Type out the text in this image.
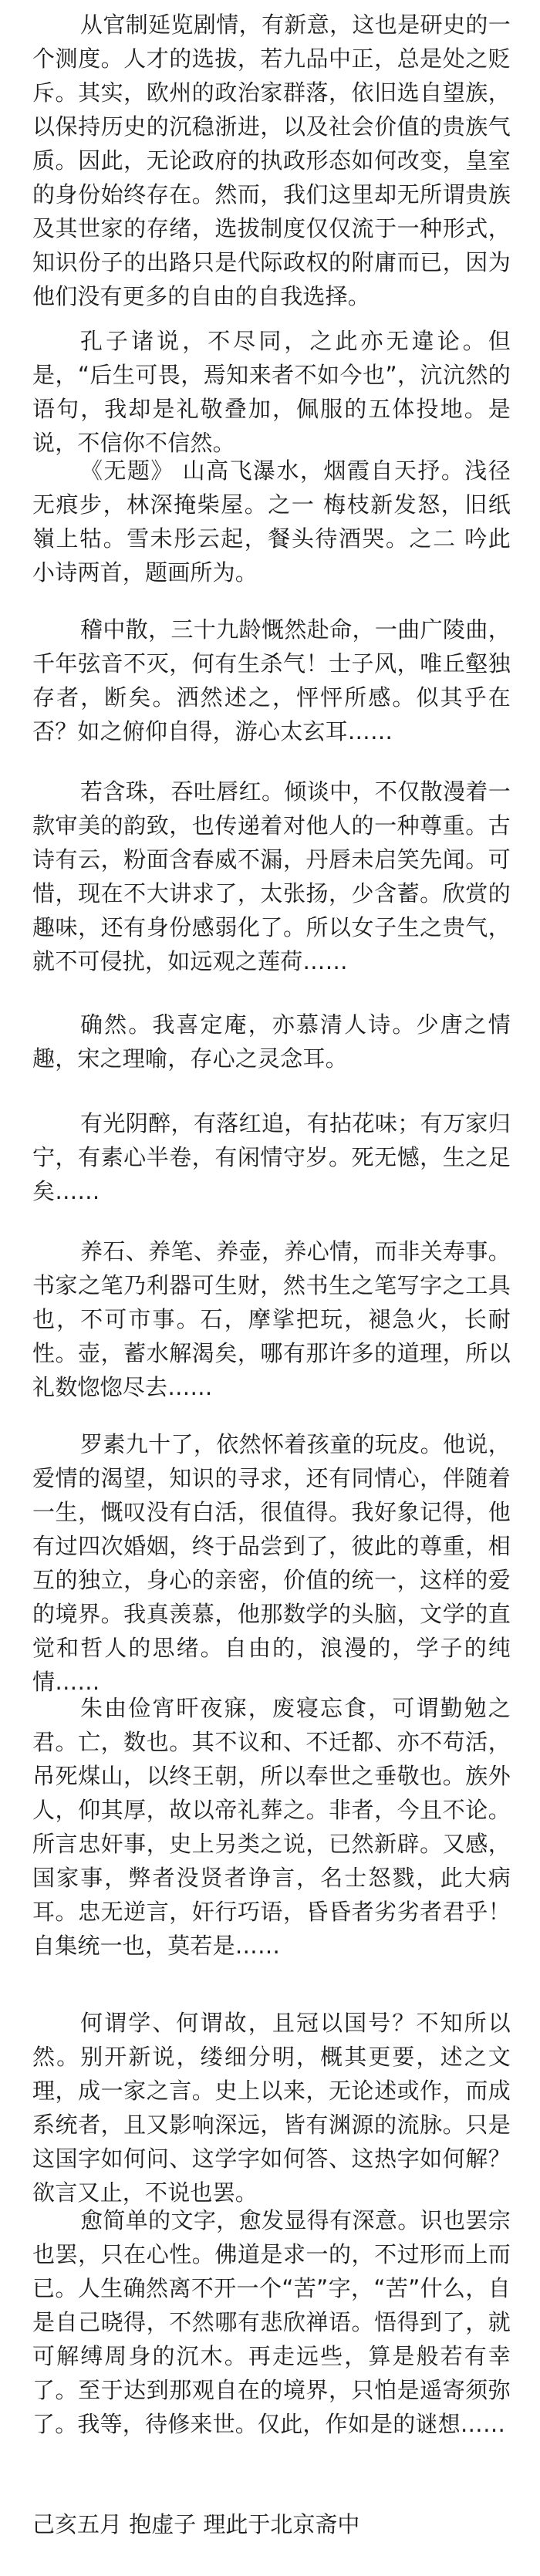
从官制延览剧情，有新意，这也是研史的一个测度。人才的选拔，若九品中正，总是处之贬斥。其实，欧州的政治家群落，依旧选自望族，以保持历史的沉稳浙进，以及社会价值的贵族气质。因此，无论政府的执政形态如何改变，皇室的身份始终存在。然而，我们这里却无所谓贵族及其世家的存绪，选拔制度仅仅流于一种形式，知识份子的出路只是代际政权的附庸而已，因为他们没有更多的自由的自我选择。

孔子诸说，不尽同，之此亦无違论。但是，“后生可畏，焉知来者不如今也”，沆沆然的语句，我却是礼敬叠加，佩服的五体投地。是说，不信你不信然。

《无题》 山高飞瀑水，烟霞自天抒。浅径无痕步，林深掩柴屋。之一 梅枝新发怒，旧纸嶺上牯。雪未彤云起，餐头待酒哭。之二 吟此小诗两首，题画所为。

稽中散，三十九龄慨然赴命，一曲广陵曲，千年弦音不灭，何有生杀气！士子风，唯丘壑独存者，断矣。洒然述之，怦怦所感。似其乎在否？如之俯仰自得，游心太玄耳……

若含珠，吞吐唇红。倾谈中，不仅散漫着一款审美的韵致，也传递着对他人的一种尊重。古诗有云，粉面含春威不漏，丹唇未启笑先闻。可惜，现在不大讲求了，太张扬，少含蓄。欣赏的趣味，还有身份感弱化了。所以女子生之贵气，就不可侵扰，如远观之莲荷……

确然。我喜定庵，亦慕清人诗。少唐之情趣，宋之理喻，存心之灵念耳。

有光阴醉，有落红追，有拈花味；有万家归宁，有素心半卷，有闲情守岁。死无憾，生之足矣……

养石、养笔、养壶，养心情，而非关寿事。书家之笔乃利器可生财，然书生之笔写字之工具也，不可市事。石，摩挲把玩，褪急火，长耐性。壶，蓄水解渴矣，哪有那许多的道理，所以礼数惚惚尽去……

罗素九十了，依然怀着孩童的玩皮。他说，爱情的渴望，知识的寻求，还有同情心，伴随着一生，慨叹没有白活，很值得。我好象记得，他有过四次婚姻，终于品尝到了，彼此的尊重，相互的独立，身心的亲密，价值的统一，这样的爱的境界。我真羡慕，他那数学的头脑，文学的直觉和哲人的思绪。自由的，浪漫的，学子的纯情……

朱由俭宵旰夜寐，废寝忘食，可谓勤勉之君。亡，数也。其不议和、不迁都、亦不苟活，吊死煤山，以终王朝，所以奉世之垂敬也。族外人，仰其厚，故以帝礼葬之。非者，今且不论。所言忠奸事，史上另类之说，已然新辟。又感，国家事，弊者没贤者诤言，名士怒戮，此大病耳。忠无逆言，奸行巧语，昏昏者劣劣者君乎！自集统一也，莫若是……

何谓学、何谓故，且冠以国号？不知所以然。别开新说，缕细分明，概其更要，述之文理，成一家之言。史上以来，无论述或作，而成系统者，且又影响深远，皆有渊源的流脉。只是这国字如何问、这学字如何答、这热字如何解？欲言又止，不说也罢。

愈简单的文字，愈发显得有深意。识也罢宗也罢，只在心性。佛道是求一的，不过形而上而已。人生确然离不开一个“苦”字，“苦”什么，自是自己晓得，不然哪有悲欣禅语。悟得到了，就可解缚周身的沉木。再走远些，算是般若有幸了。至于达到那观自在的境界，只怕是遥寄须弥了。我等，待修来世。仅此，作如是的谜想……

己亥五月 抱虚子 理此于北京斋中
